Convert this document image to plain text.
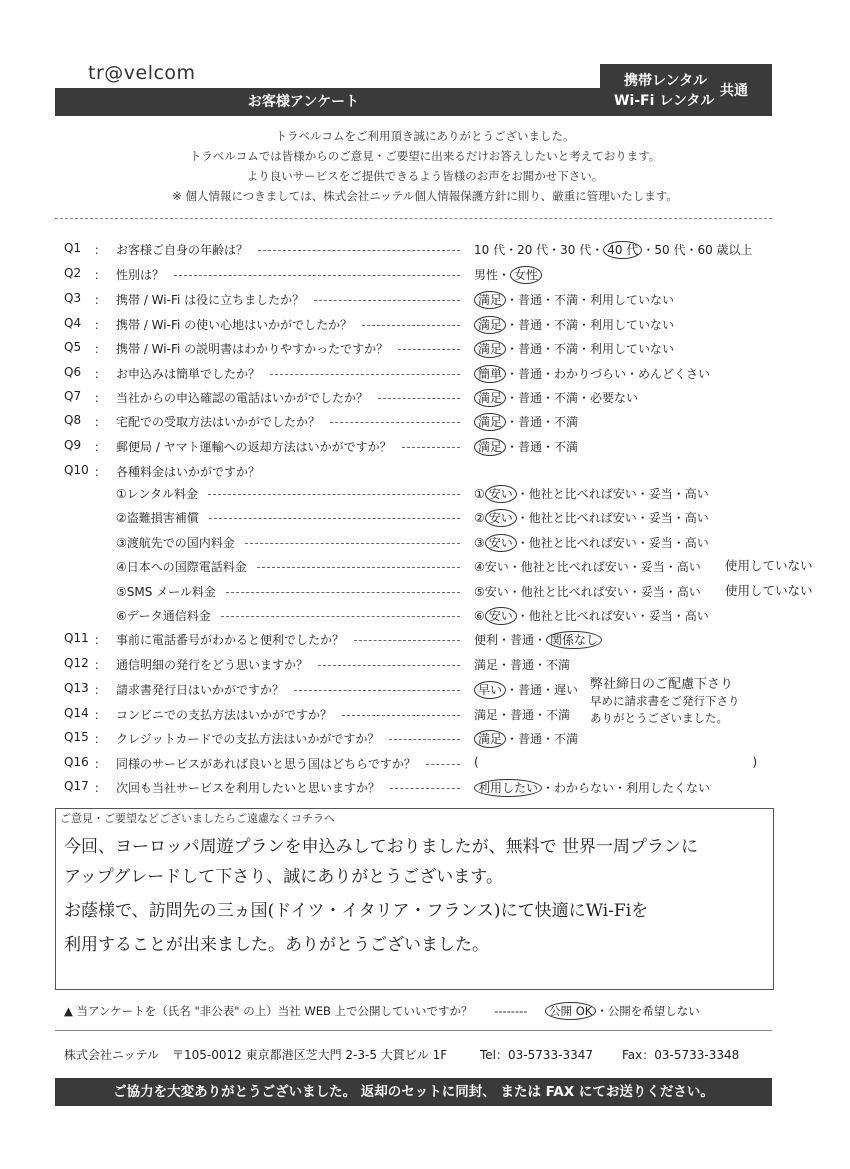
tr@velcom
お客様アンケート
携帯レンタル
Wi-Fi レンタル
共通
トラベルコムをご利用頂き誠にありがとうございました。
トラベルコムでは皆様からのご意見・ご要望に出来るだけお答えしたいと考えております。
より良いサービスをご提供できるよう皆様のお声をお聞かせ下さい。
※ 個人情報につきましては、株式会社ニッテル個人情報保護方針に則り、厳重に管理いたします。
Q1 ： お客様ご自身の年齢は？	10 代・20 代・30 代・ 40 代 ・50 代・60 歳以上
Q2 ： 性別は？	男性・ 女性
Q3 ： 携帯 / Wi-Fi は役に立ちましたか？	満足 ・普通・不満・利用していない
Q4 ： 携帯 / Wi-Fi の使い心地はいかがでしたか？	満足 ・普通・不満・利用していない
Q5 ： 携帯 / Wi-Fi の説明書はわかりやすかったですか？	満足 ・普通・不満・利用していない
Q6 ： お申込みは簡単でしたか？	簡単 ・普通・わかりづらい・めんどくさい
Q7 ： 当社からの申込確認の電話はいかがでしたか？	満足 ・普通・不満・必要ない
Q8 ： 宅配での受取方法はいかがでしたか？	満足 ・普通・不満
Q9 ： 郵便局 / ヤマト運輸への返却方法はいかがですか？	満足 ・普通・不満
Q10 ： 各種料金はいかがですか？
①レンタル料金	① 安い ・他社と比べれば安い・妥当・高い
②盗難損害補償	② 安い ・他社と比べれば安い・妥当・高い
③渡航先での国内料金	③ 安い ・他社と比べれば安い・妥当・高い
④日本への国際電話料金	④安い・他社と比べれば安い・妥当・高い 使用していない
⑤SMS メール料金	⑤安い・他社と比べれば安い・妥当・高い 使用していない
⑥データ通信料金	⑥ 安い ・他社と比べれば安い・妥当・高い
Q11 ： 事前に電話番号がわかると便利でしたか？	便利・普通・ 関係なし
Q12 ： 通信明細の発行をどう思いますか？	満足・普通・不満
Q13 ： 請求書発行日はいかがですか？	早い ・普通・遅い
Q14 ： コンビニでの支払方法はいかがですか？	満足・普通・不満
Q15 ： クレジットカードでの支払方法はいかがですか？	満足 ・普通・不満
Q16 ： 同様のサービスがあれば良いと思う国はどちらですか？	(	)
Q17 ： 次回も当社サービスを利用したいと思いますか？	利用したい ・わからない・利用したくない
弊社締日のご配慮下さり
早めに請求書をご発行下さり
ありがとうございました。
ご意見・ご要望などございましたらご遠慮なくコチラへ
今回、ヨーロッパ周遊プランを申込みしておりましたが、無料で 世界一周プランに
アップグレードして下さり、誠にありがとうございます。
お蔭様で、訪問先の三ヵ国(ドイツ・イタリア・フランス)にて快適にWi-Fiを
利用することが出来ました。ありがとうございました。
▲ 当アンケートを（氏名 "非公表" の上）当社 WEB 上で公開していいですか？ -------- 公開 OK ・公開を希望しない
株式会社ニッテル 〒105-0012 東京都港区芝大門 2-3-5 大貫ビル 1F	Tel：03-5733-3347 Fax：03-5733-3348
ご協力を大変ありがとうございました。 返却のセットに同封、 または FAX にてお送りください。
